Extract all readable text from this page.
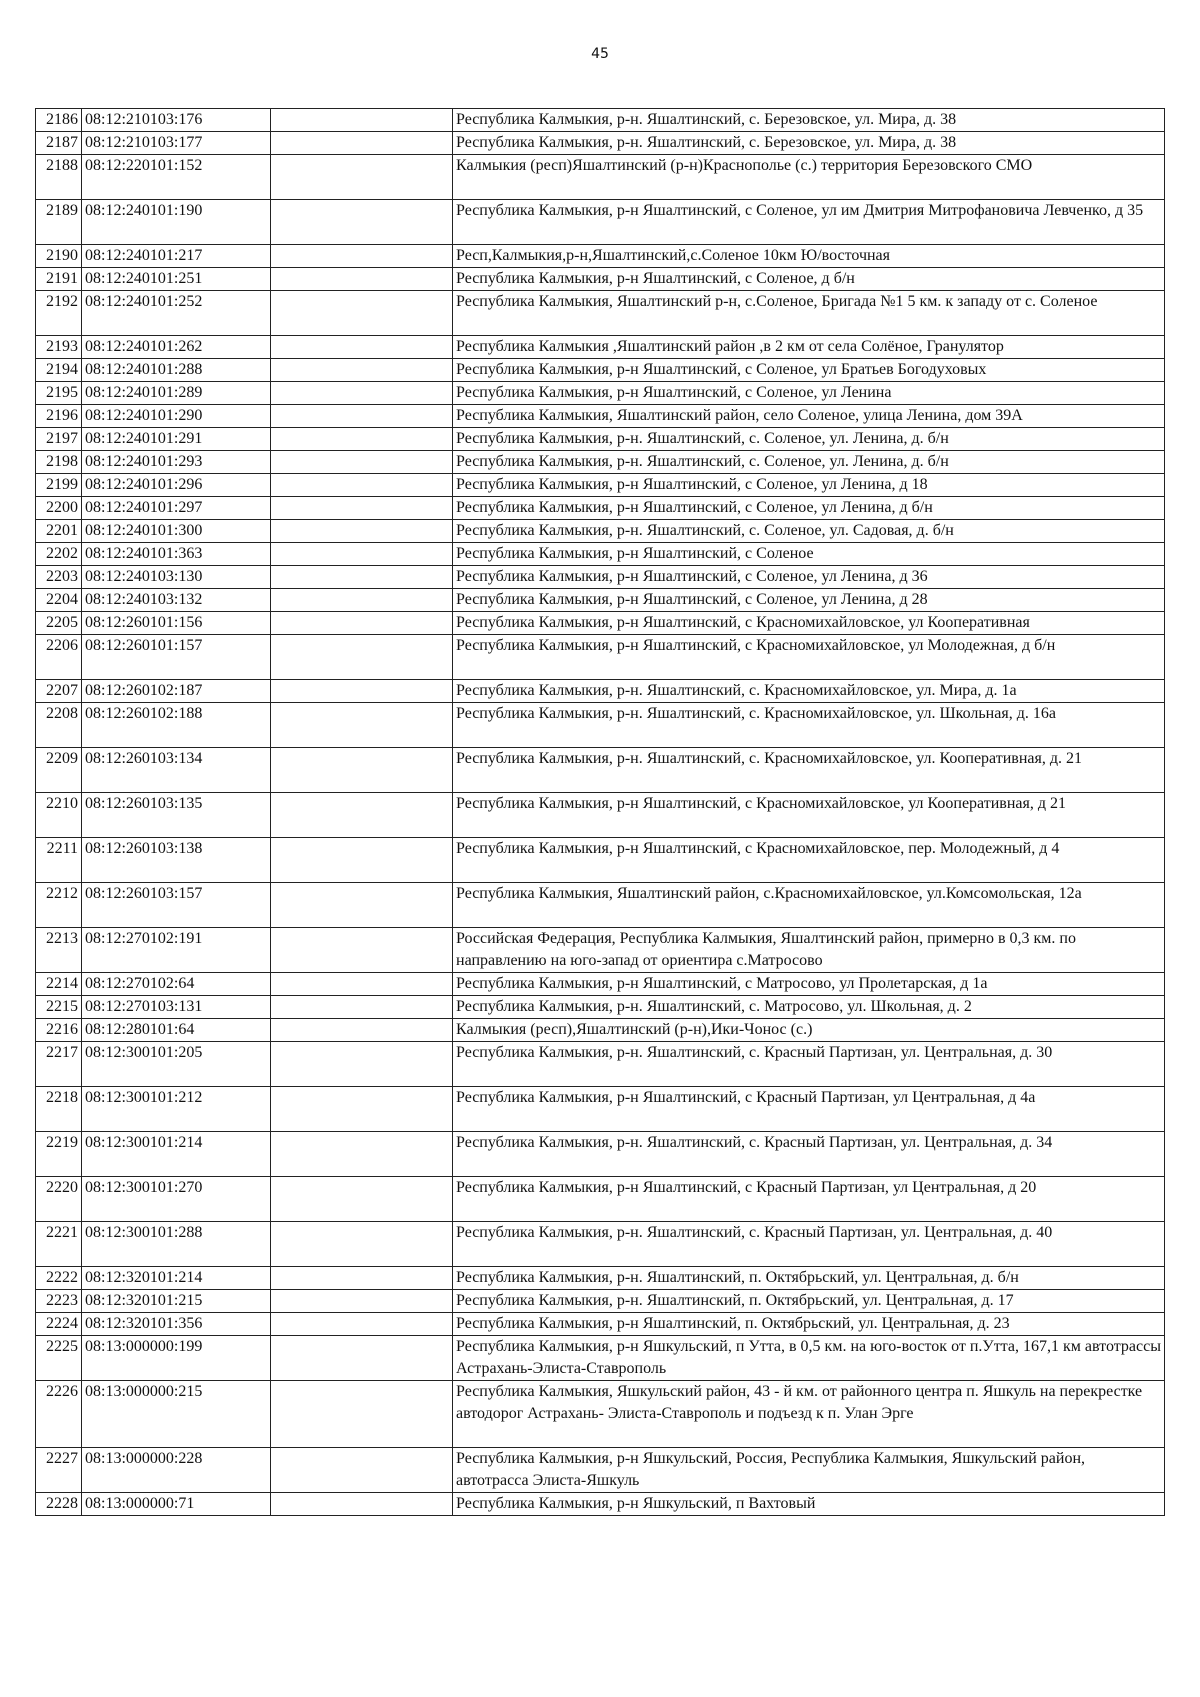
45
2186	08:12:210103:176		Республика Калмыкия, р-н. Яшалтинский, с. Березовское, ул. Мира, д. 38
2187	08:12:210103:177		Республика Калмыкия, р-н. Яшалтинский, с. Березовское, ул. Мира, д. 38
2188	08:12:220101:152		Калмыкия (респ)Яшалтинский (р-н)Краснополье (с.) территория Березовского СМО
2189	08:12:240101:190		Республика Калмыкия, р-н Яшалтинский, с Соленое, ул им Дмитрия Митрофановича Левченко, д 35
2190	08:12:240101:217		Респ,Калмыкия,р-н,Яшалтинский,с.Соленое 10км Ю/восточная
2191	08:12:240101:251		Республика Калмыкия, р-н Яшалтинский, с Соленое, д б/н
2192	08:12:240101:252		Республика Калмыкия, Яшалтинский р-н, с.Соленое, Бригада №1 5 км. к западу от с. Соленое
2193	08:12:240101:262		Республика Калмыкия ,Яшалтинский район ,в 2 км от села Солёное, Гранулятор
2194	08:12:240101:288		Республика Калмыкия, р-н Яшалтинский, с Соленое, ул Братьев Богодуховых
2195	08:12:240101:289		Республика Калмыкия, р-н Яшалтинский, с Соленое, ул Ленина
2196	08:12:240101:290		Республика Калмыкия, Яшалтинский район, село Соленое, улица Ленина, дом 39А
2197	08:12:240101:291		Республика Калмыкия, р-н. Яшалтинский, с. Соленое, ул. Ленина, д. б/н
2198	08:12:240101:293		Республика Калмыкия, р-н. Яшалтинский, с. Соленое, ул. Ленина, д. б/н
2199	08:12:240101:296		Республика Калмыкия, р-н Яшалтинский, с Соленое, ул Ленина, д 18
2200	08:12:240101:297		Республика Калмыкия, р-н Яшалтинский, с Соленое, ул Ленина, д б/н
2201	08:12:240101:300		Республика Калмыкия, р-н. Яшалтинский, с. Соленое, ул. Садовая, д. б/н
2202	08:12:240101:363		Республика Калмыкия, р-н Яшалтинский, с Соленое
2203	08:12:240103:130		Республика Калмыкия, р-н Яшалтинский, с Соленое, ул Ленина, д 36
2204	08:12:240103:132		Республика Калмыкия, р-н Яшалтинский, с Соленое, ул Ленина, д 28
2205	08:12:260101:156		Республика Калмыкия, р-н Яшалтинский, с Красномихайловское, ул Кооперативная
2206	08:12:260101:157		Республика Калмыкия, р-н Яшалтинский, с Красномихайловское, ул Молодежная, д б/н
2207	08:12:260102:187		Республика Калмыкия, р-н. Яшалтинский, с. Красномихайловское, ул. Мира, д. 1а
2208	08:12:260102:188		Республика Калмыкия, р-н. Яшалтинский, с. Красномихайловское, ул. Школьная, д. 16а
2209	08:12:260103:134		Республика Калмыкия, р-н. Яшалтинский, с. Красномихайловское, ул. Кооперативная, д. 21
2210	08:12:260103:135		Республика Калмыкия, р-н Яшалтинский, с Красномихайловское, ул Кооперативная, д 21
2211	08:12:260103:138		Республика Калмыкия, р-н Яшалтинский, с Красномихайловское, пер. Молодежный, д 4
2212	08:12:260103:157		Республика Калмыкия, Яшалтинский район, с.Красномихайловское, ул.Комсомольская, 12а
2213	08:12:270102:191		Российская Федерация, Республика Калмыкия, Яшалтинский район, примерно в 0,3 км. по направлению на юго-запад от ориентира с.Матросово
2214	08:12:270102:64		Республика Калмыкия, р-н Яшалтинский, с Матросово, ул Пролетарская, д 1а
2215	08:12:270103:131		Республика Калмыкия, р-н. Яшалтинский, с. Матросово, ул. Школьная, д. 2
2216	08:12:280101:64		Калмыкия (респ),Яшалтинский (р-н),Ики-Чонос (с.)
2217	08:12:300101:205		Республика Калмыкия, р-н. Яшалтинский, с. Красный Партизан, ул. Центральная, д. 30
2218	08:12:300101:212		Республика Калмыкия, р-н Яшалтинский, с Красный Партизан, ул Центральная, д 4а
2219	08:12:300101:214		Республика Калмыкия, р-н. Яшалтинский, с. Красный Партизан, ул. Центральная, д. 34
2220	08:12:300101:270		Республика Калмыкия, р-н Яшалтинский, с Красный Партизан, ул Центральная, д 20
2221	08:12:300101:288		Республика Калмыкия, р-н. Яшалтинский, с. Красный Партизан, ул. Центральная, д. 40
2222	08:12:320101:214		Республика Калмыкия, р-н. Яшалтинский, п. Октябрьский, ул. Центральная, д. б/н
2223	08:12:320101:215		Республика Калмыкия, р-н. Яшалтинский, п. Октябрьский, ул. Центральная, д. 17
2224	08:12:320101:356		Республика Калмыкия, р-н Яшалтинский, п. Октябрьский, ул. Центральная, д. 23
2225	08:13:000000:199		Республика Калмыкия, р-н Яшкульский, п Утта, в 0,5 км. на юго-восток от п.Утта, 167,1 км автотрассы Астрахань-Элиста-Ставрополь
2226	08:13:000000:215		Республика Калмыкия, Яшкульский район, 43 - й км. от районного центра п. Яшкуль на перекрестке автодорог Астрахань- Элиста-Ставрополь и подъезд к п. Улан Эрге
2227	08:13:000000:228		Республика Калмыкия, р-н Яшкульский, Россия, Республика Калмыкия, Яшкульский район, автотрасса Элиста-Яшкуль
2228	08:13:000000:71		Республика Калмыкия, р-н Яшкульский, п Вахтовый
